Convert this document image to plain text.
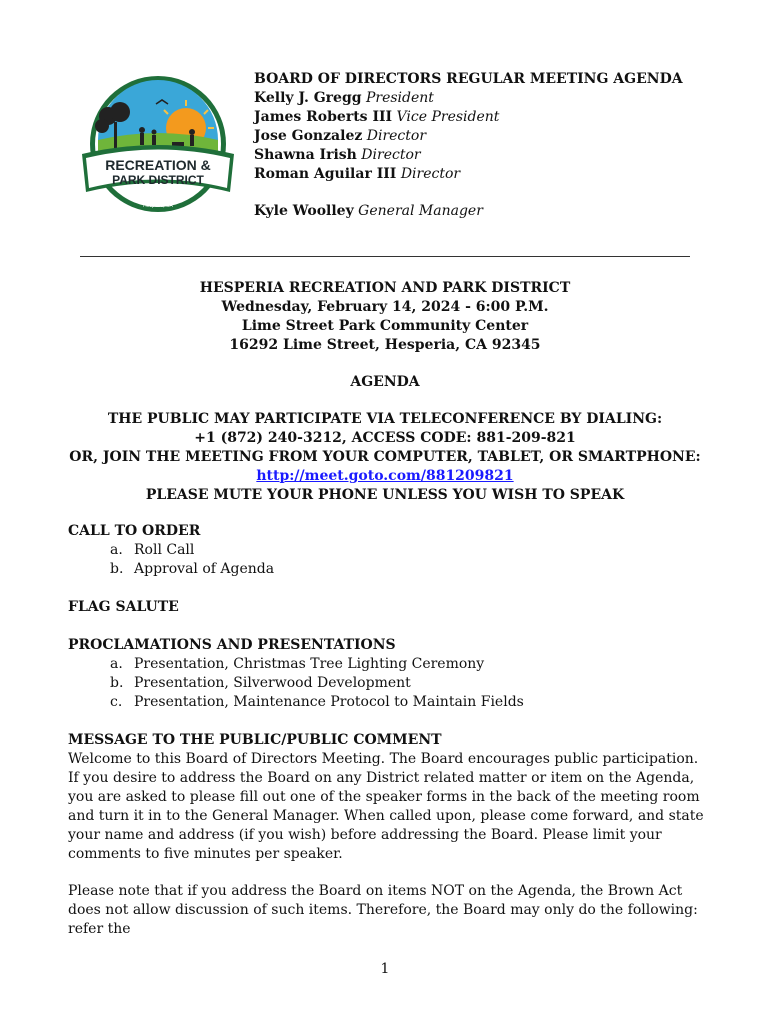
RECREATION &
PARK DISTRICT
EST. 1957
Hesperia, CA
BOARD OF DIRECTORS REGULAR MEETING AGENDA
Kelly J. Gregg President
James Roberts III Vice President
Jose Gonzalez Director
Shawna Irish Director
Roman Aguilar III Director
Kyle Woolley General Manager
HESPERIA RECREATION AND PARK DISTRICT
Wednesday, February 14, 2024 - 6:00 P.M.
Lime Street Park Community Center
16292 Lime Street, Hesperia, CA 92345
AGENDA
THE PUBLIC MAY PARTICIPATE VIA TELECONFERENCE BY DIALING:
+1 (872) 240-3212, ACCESS CODE: 881-209-821
OR, JOIN THE MEETING FROM YOUR COMPUTER, TABLET, OR SMARTPHONE:
http://meet.goto.com/881209821
PLEASE MUTE YOUR PHONE UNLESS YOU WISH TO SPEAK
CALL TO ORDER
a. Roll Call
b. Approval of Agenda
FLAG SALUTE
PROCLAMATIONS AND PRESENTATIONS
a. Presentation, Christmas Tree Lighting Ceremony
b. Presentation, Silverwood Development
c. Presentation, Maintenance Protocol to Maintain Fields
MESSAGE TO THE PUBLIC/PUBLIC COMMENT
Welcome to this Board of Directors Meeting. The Board encourages public participation. If you desire to address the Board on any District related matter or item on the Agenda, you are asked to please fill out one of the speaker forms in the back of the meeting room and turn it in to the General Manager. When called upon, please come forward, and state your name and address (if you wish) before addressing the Board. Please limit your comments to five minutes per speaker.
Please note that if you address the Board on items NOT on the Agenda, the Brown Act does not allow discussion of such items. Therefore, the Board may only do the following: refer the
1
